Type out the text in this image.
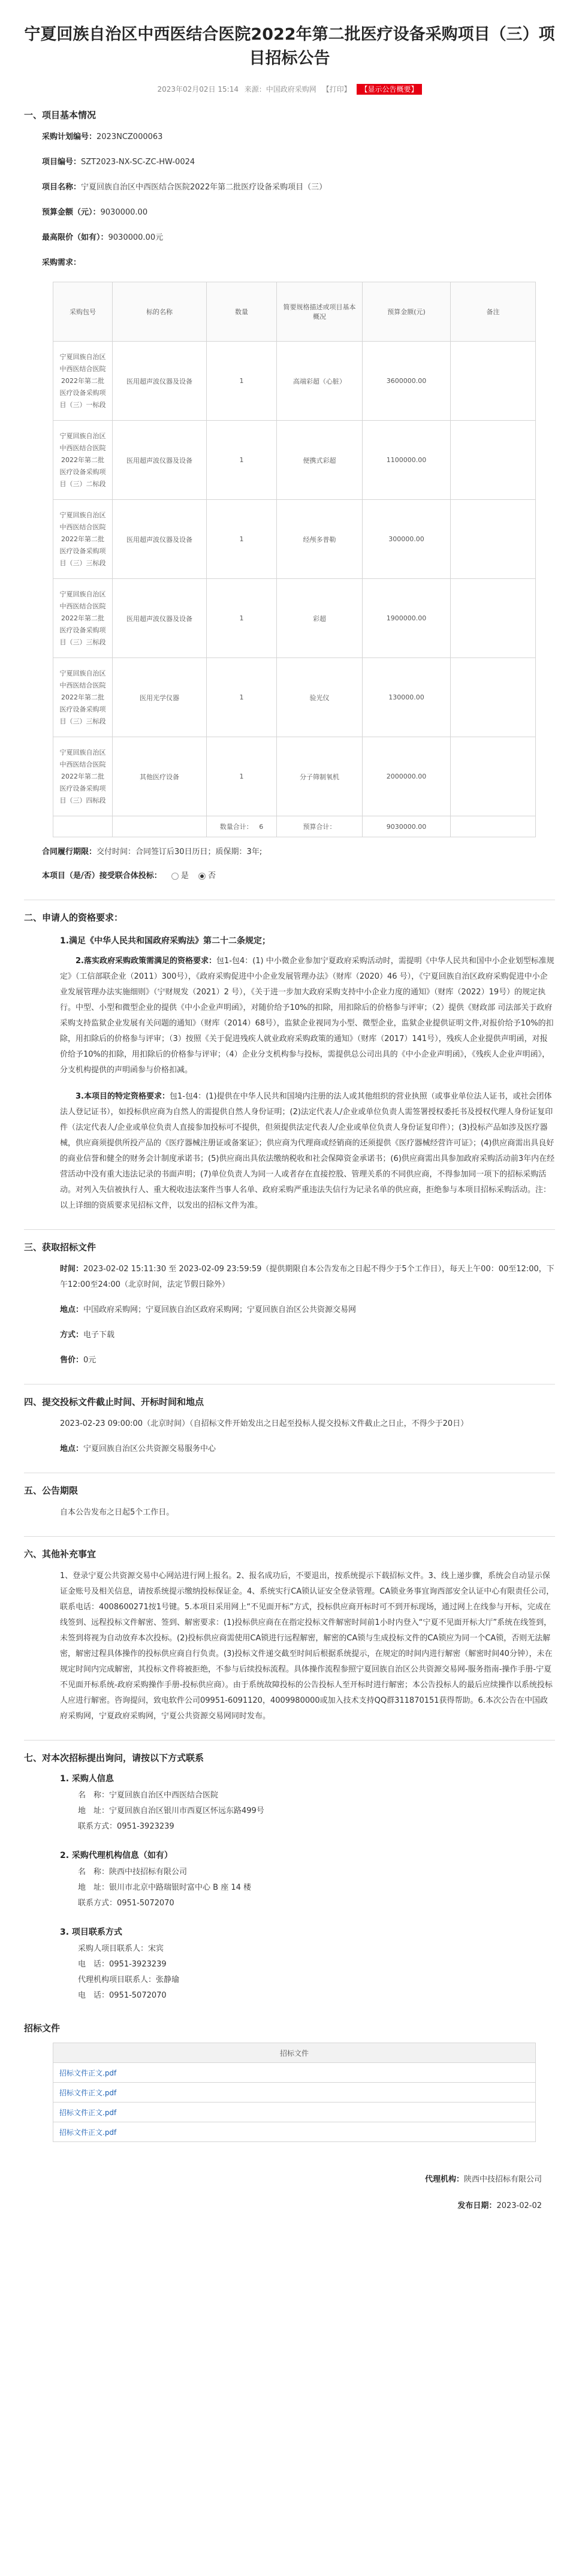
宁夏回族自治区中西医结合医院2022年第二批医疗设备采购项目（三）项目招标公告
2023年02月02日 15:14 来源：中国政府采购网 【打印】 【显示公告概要】
一、项目基本情况
采购计划编号：2023NCZ000063
项目编号：SZT2023-NX-SC-ZC-HW-0024
项目名称：宁夏回族自治区中西医结合医院2022年第二批医疗设备采购项目（三）
预算金额（元）：9030000.00
最高限价（如有）：9030000.00元
采购需求：
采购包号	标的名称	数量	简要规格描述或项目基本概况	预算金额(元)	备注
宁夏回族自治区中西医结合医院2022年第二批医疗设备采购项目（三）一标段	医用超声波仪器及设备	1	高端彩超（心脏）	3600000.00	
宁夏回族自治区中西医结合医院2022年第二批医疗设备采购项目（三）二标段	医用超声波仪器及设备	1	便携式彩超	1100000.00	
宁夏回族自治区中西医结合医院2022年第二批医疗设备采购项目（三）三标段	医用超声波仪器及设备	1	经颅多普勒	300000.00	
宁夏回族自治区中西医结合医院2022年第二批医疗设备采购项目（三）三标段	医用超声波仪器及设备	1	彩超	1900000.00	
宁夏回族自治区中西医结合医院2022年第二批医疗设备采购项目（三）三标段	医用光学仪器	1	验光仪	130000.00	
宁夏回族自治区中西医结合医院2022年第二批医疗设备采购项目（三）四标段	其他医疗设备	1	分子筛制氧机	2000000.00	
		数量合计： 6	预算合计：	9030000.00	
合同履行期限：交付时间：合同签订后30日历日；质保期：3年;
本项目（是/否）接受联合体投标： 是 否
二、申请人的资格要求：
1.满足《中华人民共和国政府采购法》第二十二条规定；
2.落实政府采购政策需满足的资格要求：包1-包4：(1) 中小微企业参加宁夏政府采购活动时，需提明《中华人民共和国中小企业划型标准规定》（工信部联企业（2011）300号），《政府采购促进中小企业发展管理办法》（财库（2020）46 号），《宁夏回族自治区政府采购促进中小企业发展管理办法实施细则》（宁财规发（2021）2 号），《关于进一步加大政府采购支持中小企业力度的通知》（财库（2022）19号）的规定执行。中型、小型和微型企业的提供《中小企业声明函》，对随价给予10%的扣除，用扣除后的价格参与评审；（2）提供《财政部 司法部关于政府采购支持监狱企业发展有关问题的通知》（财库（2014）68号），监狱企业视同为小型、微型企业，监狱企业提供证明文件,对报价给予10%的扣除，用扣除后的价格参与评审；（3）按照《关于促进残疾人就业政府采购政策的通知》（财库（2017）141号），残疾人企业提供声明函，对报价给予10%的扣除，用扣除后的价格参与评审；（4）企业分支机构参与投标，需提供总公司出具的《中小企业声明函》，《残疾人企业声明函》，分支机构提供的声明函参与价格扣减。
3.本项目的特定资格要求：包1-包4：(1)提供在中华人民共和国境内注册的法人或其他组织的营业执照（或事业单位法人证书，或社会团体法人登记证书），如投标供应商为自然人的需提供自然人身份证明；(2)法定代表人/企业或单位负责人需签署授权委托书及授权代理人身份证复印件（法定代表人/企业或单位负责人直接参加投标可不提供，但须提供法定代表人/企业或单位负责人身份证复印件）；(3)投标产品如涉及医疗器械，供应商须提供所投产品的《医疗器械注册证或备案证》；供应商为代理商或经销商的还须提供《医疗器械经营许可证》；(4)供应商需出具良好的商业信誉和健全的财务会计制度承诺书；(5)供应商出具依法缴纳税收和社会保障资金承诺书；(6)供应商需出具参加政府采购活动前3年内在经营活动中没有重大违法记录的书面声明；(7)单位负责人为同一人或者存在直接控股、管理关系的不同供应商，不得参加同一项下的招标采购活动。对列入失信被执行人、重大税收违法案件当事人名单、政府采购严重违法失信行为记录名单的供应商，拒绝参与本项目招标采购活动。注：以上详细的资质要求见招标文件，以发出的招标文件为准。
三、获取招标文件
时间：2023-02-02 15:11:30 至 2023-02-09 23:59:59（提供期限自本公告发布之日起不得少于5个工作日），每天上午00：00至12:00，下午12:00至24:00（北京时间，法定节假日除外）
地点：中国政府采购网；宁夏回族自治区政府采购网；宁夏回族自治区公共资源交易网
方式：电子下载
售价：0元
四、提交投标文件截止时间、开标时间和地点
2023-02-23 09:00:00（北京时间）（自招标文件开始发出之日起至投标人提交投标文件截止之日止，不得少于20日）
地点：宁夏回族自治区公共资源交易服务中心
五、公告期限
自本公告发布之日起5个工作日。
六、其他补充事宜
1、登录宁夏公共资源交易中心网站进行网上报名。2、报名成功后，不要退出，按系统提示下载招标文件。3、线上递步骤，系统会自动显示保证金账号及相关信息，请按系统提示缴纳投标保证金。4、系统实行CA锁认证安全登录管理。CA锁业务事宜询西部安全认证中心有限责任公司，联系电话：4008600271按1号键。5.本项目采用网上“不见面开标”方式，投标供应商开标时可不到开标现场，通过网上在线参与开标，完成在线签到、远程投标文件解密、签到、解密要求：(1)投标供应商在在指定投标文件解密时间前1小时内登入“宁夏不见面开标大厅”系统在线签到，未签到将视为自动放弃本次投标。(2)投标供应商需使用CA锁进行远程解密，解密的CA锁与生成投标文件的CA锁应为同一个CA锁，否则无法解密，解密过程具体操作的投标供应商自行负责。(3)投标文件递交截至时间后根据系统提示，在规定的时间内进行解密（解密时间40分钟），未在规定时间内完成解密，其投标文件将被拒绝，不参与后续投标流程。具体操作流程参照宁夏回族自治区公共资源交易网-服务指南-操作手册-宁夏不见面开标系统-政府采购操作手册-投标供应商）。由于系统故障投标的公告投标人至开标时进行解密；本公告投标人的最后应续操作以系统投标人应进行解密。咨询提问，致电软件公司09951-6091120，4009980000或加入技术支持QQ群311870151获得帮助。6.本次公告在中国政府采购网，宁夏政府采购网，宁夏公共资源交易网同时发布。
七、对本次招标提出询问，请按以下方式联系
1. 采购人信息
名　称：宁夏回族自治区中西医结合医院
地　址：宁夏回族自治区银川市西夏区怀远东路499号
联系方式：0951-3923239
2. 采购代理机构信息（如有）
名　称：陕西中技招标有限公司
地　址：银川市北京中路瑞银时富中心 B 座 14 楼
联系方式：0951-5072070
3. 项目联系方式
采购人项目联系人：宋宾
电　话：0951-3923239
代理机构项目联系人：张静瑜
电　话：0951-5072070
招标文件
招标文件
招标文件正文.pdf
招标文件正文.pdf
招标文件正文.pdf
招标文件正文.pdf
代理机构：陕西中技招标有限公司
发布日期：2023-02-02
